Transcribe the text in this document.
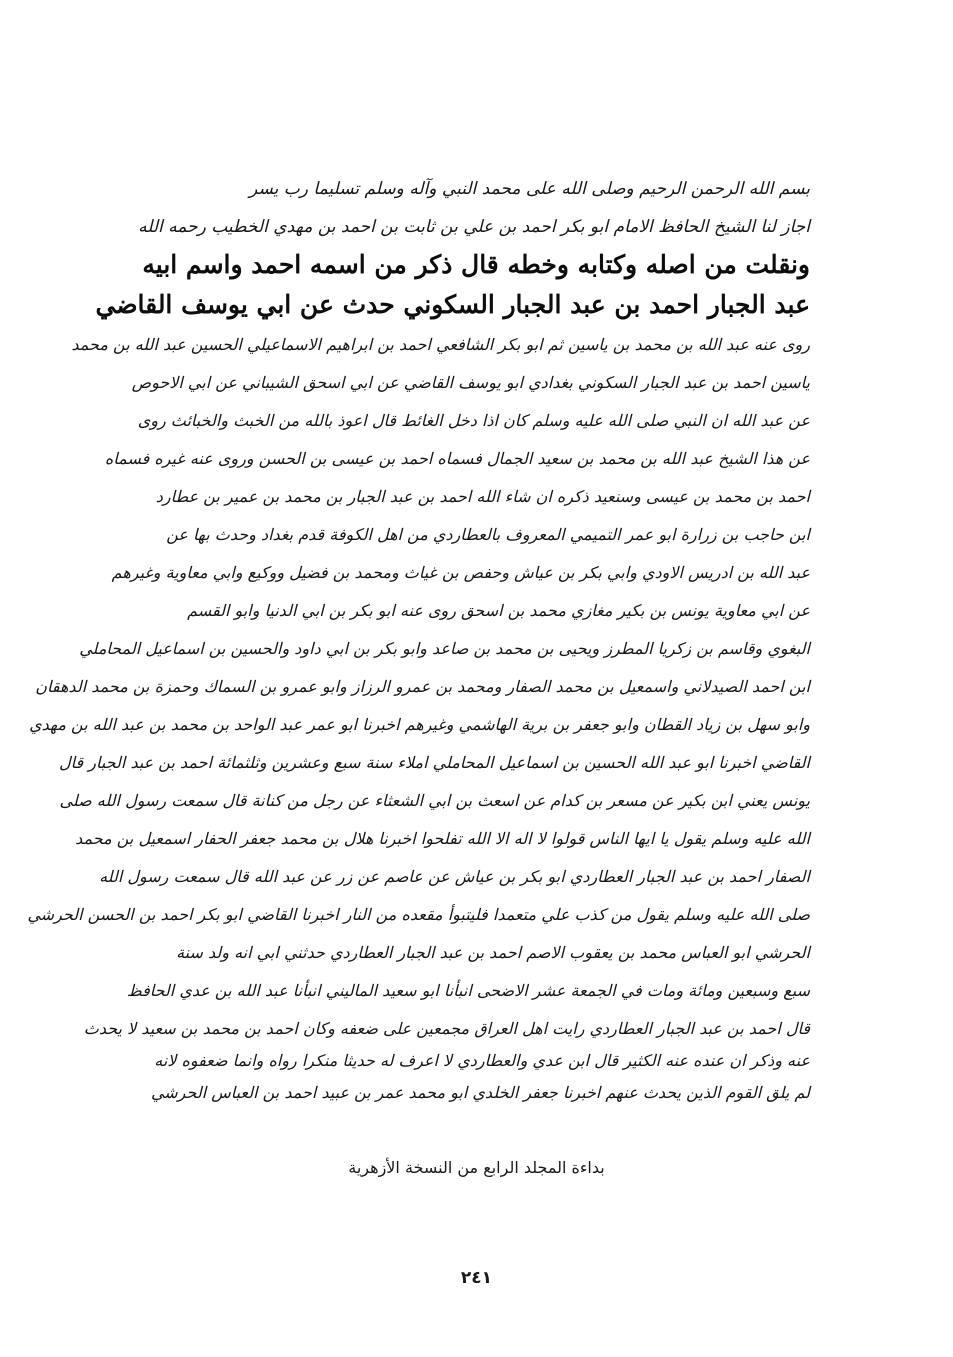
بسم الله الرحمن الرحيم وصلى الله على محمد النبي وآله وسلم تسليما رب يسر
اجاز لنا الشيخ الحافظ الامام ابو بكر احمد بن علي بن ثابت بن احمد بن مهدي الخطيب رحمه الله
ونقلت من اصله وكتابه وخطه قال ذكر من اسمه احمد واسم ابيه
عبد الجبار احمد بن عبد الجبار السكوني حدث عن ابي يوسف القاضي
روى عنه عبد الله بن محمد بن ياسين ثم ابو بكر الشافعي احمد بن ابراهيم الاسماعيلي الحسين عبد الله بن محمد
ياسين احمد بن عبد الجبار السكوني بغدادي ابو يوسف القاضي عن ابي اسحق الشيباني عن ابي الاحوص
عن عبد الله ان النبي صلى الله عليه وسلم كان اذا دخل الغائط قال اعوذ بالله من الخبث والخبائث روى
عن هذا الشيخ عبد الله بن محمد بن سعيد الجمال فسماه احمد بن عيسى بن الحسن وروى عنه غيره فسماه
احمد بن محمد بن عيسى وسنعيد ذكره ان شاء الله احمد بن عبد الجبار بن محمد بن عمير بن عطارد
ابن حاجب بن زرارة ابو عمر التميمي المعروف بالعطاردي من اهل الكوفة قدم بغداد وحدث بها عن
عبد الله بن ادريس الاودي وابي بكر بن عياش وحفص بن غياث ومحمد بن فضيل ووكيع وابي معاوية وغيرهم
عن ابي معاوية يونس بن بكير مغازي محمد بن اسحق روى عنه ابو بكر بن ابي الدنيا وابو القسم
البغوي وقاسم بن زكريا المطرز ويحيى بن محمد بن صاعد وابو بكر بن ابي داود والحسين بن اسماعيل المحاملي
ابن احمد الصيدلاني واسمعيل بن محمد الصفار ومحمد بن عمرو الرزاز وابو عمرو بن السماك وحمزة بن محمد الدهقان
وابو سهل بن زياد القطان وابو جعفر بن برية الهاشمي وغيرهم اخبرنا ابو عمر عبد الواحد بن محمد بن عبد الله بن مهدي
القاضي اخبرنا ابو عبد الله الحسين بن اسماعيل المحاملي املاء سنة سبع وعشرين وثلثمائة احمد بن عبد الجبار قال
يونس يعني ابن بكير عن مسعر بن كدام عن اسعث بن ابي الشعثاء عن رجل من كنانة قال سمعت رسول الله صلى
الله عليه وسلم يقول يا ايها الناس قولوا لا اله الا الله تفلحوا اخبرنا هلال بن محمد جعفر الحفار اسمعيل بن محمد
الصفار احمد بن عبد الجبار العطاردي ابو بكر بن عياش عن عاصم عن زر عن عبد الله قال سمعت رسول الله
صلى الله عليه وسلم يقول من كذب علي متعمدا فليتبوأ مقعده من النار اخبرنا القاضي ابو بكر احمد بن الحسن الحرشي
الحرشي ابو العباس محمد بن يعقوب الاصم احمد بن عبد الجبار العطاردي حدثني ابي انه ولد سنة
سبع وسبعين ومائة ومات في الجمعة عشر الاضحى انبأنا ابو سعيد الماليني انبأنا عبد الله بن عدي الحافظ
قال احمد بن عبد الجبار العطاردي رايت اهل العراق مجمعين على ضعفه وكان احمد بن محمد بن سعيد لا يحدث
عنه وذكر ان عنده عنه الكثير قال ابن عدي والعطاردي لا اعرف له حديثا منكرا رواه وانما ضعفوه لانه
لم يلق القوم الذين يحدث عنهم اخبرنا جعفر الخلدي ابو محمد عمر بن عبيد احمد بن العباس الحرشي
بداءة المجلد الرابع من النسخة الأزهرية
٢٤١
